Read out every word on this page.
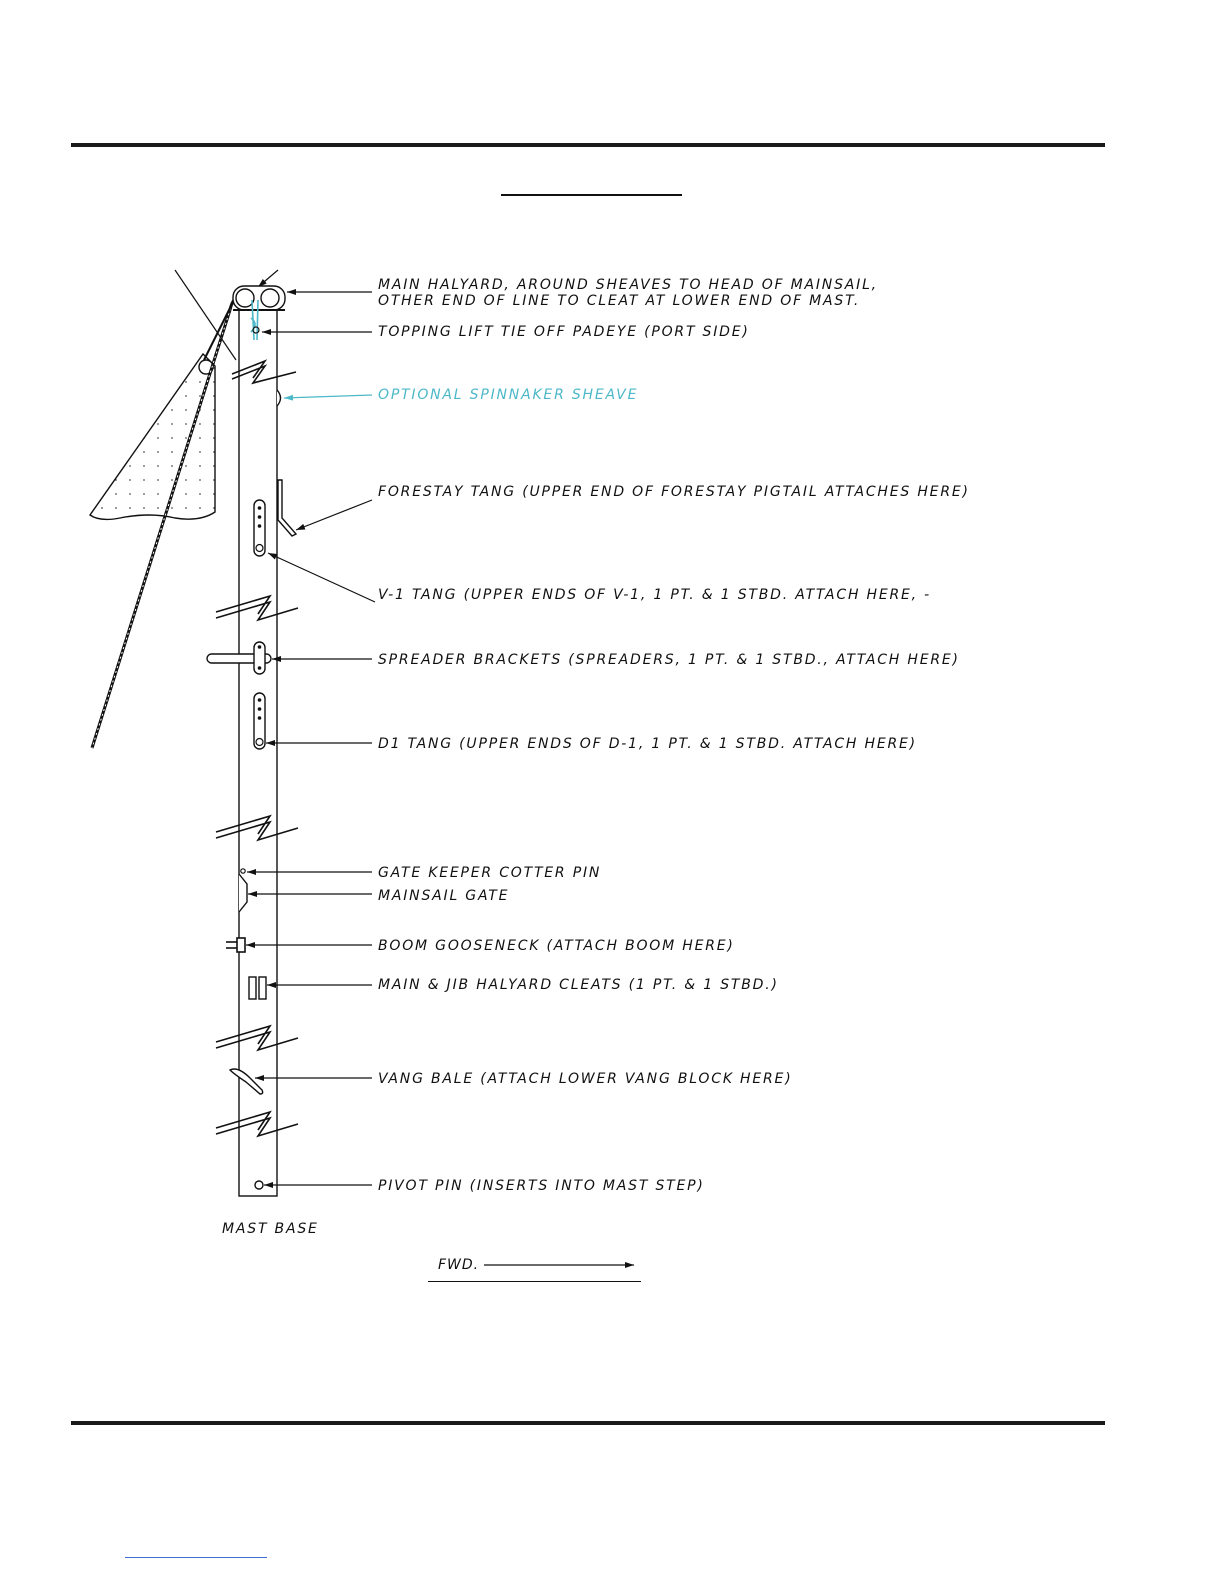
MAIN HALYARD, AROUND SHEAVES TO HEAD OF MAINSAIL,
OTHER END OF LINE TO CLEAT AT LOWER END OF MAST.
TOPPING LIFT TIE OFF PADEYE (PORT SIDE)
OPTIONAL SPINNAKER SHEAVE
FORESTAY TANG (UPPER END OF FORESTAY PIGTAIL ATTACHES HERE)
V-1 TANG (UPPER ENDS OF V-1, 1 PT. & 1 STBD. ATTACH HERE, -
SPREADER BRACKETS (SPREADERS, 1 PT. & 1 STBD., ATTACH HERE)
D1 TANG (UPPER ENDS OF D-1, 1 PT. & 1 STBD. ATTACH HERE)
GATE KEEPER COTTER PIN
MAINSAIL GATE
BOOM GOOSENECK (ATTACH BOOM HERE)
MAIN & JIB HALYARD CLEATS (1 PT. & 1 STBD.)
VANG BALE (ATTACH LOWER VANG BLOCK HERE)
PIVOT PIN (INSERTS INTO MAST STEP)
MAST BASE
FWD.
